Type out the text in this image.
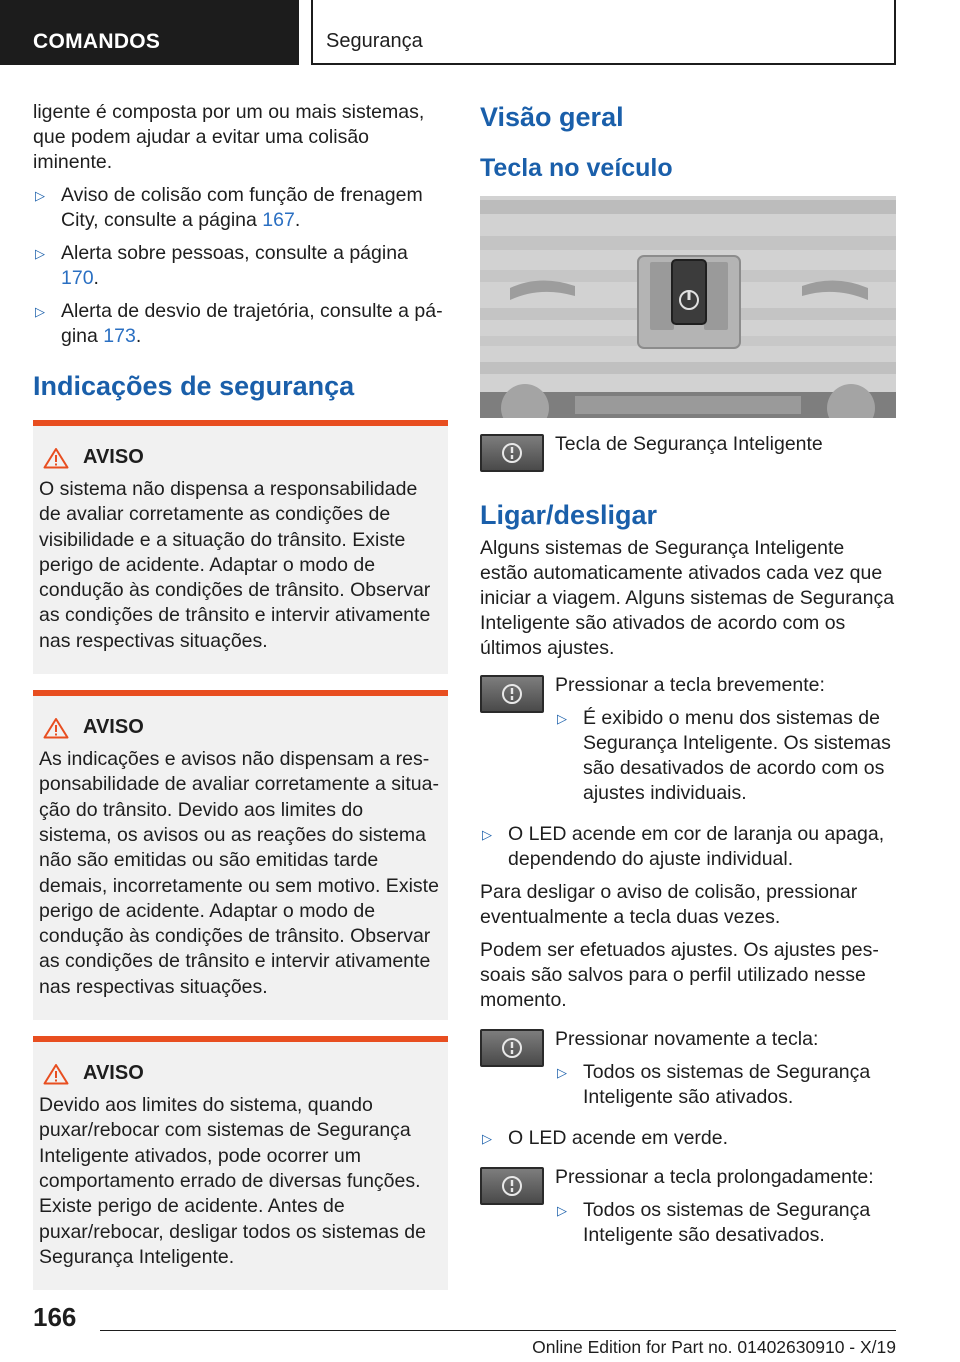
COMANDOS	Segurança

ligente é composta por um ou mais sistemas, que podem ajudar a evitar uma colisão iminente.

▷ Aviso de colisão com função de frenagem City, consulte a página 167.
▷ Alerta sobre pessoas, consulte a página 170.
▷ Alerta de desvio de trajetória, consulte a página 173.
Indicações de segurança
AVISO
O sistema não dispensa a responsabilidade de avaliar corretamente as condições de visibilidade e a situação do trânsito. Existe perigo de acidente. Adaptar o modo de condução às condições de trânsito. Observar as condições de trânsito e intervir ativamente nas respectivas situações.
AVISO
As indicações e avisos não dispensam a responsabilidade de avaliar corretamente a situação do trânsito. Devido aos limites do sistema, os avisos ou as reações do sistema não são emitidas ou são emitidas tarde demais, incorretamente ou sem motivo. Existe perigo de acidente. Adaptar o modo de condução às condições de trânsito. Observar as condições de trânsito e intervir ativamente nas respectivas situações.
AVISO
Devido aos limites do sistema, quando puxar/rebocar com sistemas de Segurança Inteligente ativados, pode ocorrer um comportamento errado de diversas funções. Existe perigo de acidente. Antes de puxar/rebocar, desligar todos os sistemas de Segurança Inteligente.
Visão geral
Tecla no veículo
Tecla de Segurança Inteligente
Ligar/desligar

Alguns sistemas de Segurança Inteligente estão automaticamente ativados cada vez que iniciar a viagem. Alguns sistemas de Segurança Inteligente são ativados de acordo com os últimos ajustes.

Pressionar a tecla brevemente:

▷ É exibido o menu dos sistemas de Segurança Inteligente. Os sistemas são desativados de acordo com os ajustes individuais.
▷ O LED acende em cor de laranja ou apaga, dependendo do ajuste individual.

Para desligar o aviso de colisão, pressionar eventualmente a tecla duas vezes.

Podem ser efetuados ajustes. Os ajustes pessoais são salvos para o perfil utilizado nesse momento.

Pressionar novamente a tecla:

▷ Todos os sistemas de Segurança Inteligente são ativados.
▷ O LED acende em verde.

Pressionar a tecla prolongadamente:

▷ Todos os sistemas de Segurança Inteligente são desativados.
166
Online Edition for Part no. 01402630910 - X/19
